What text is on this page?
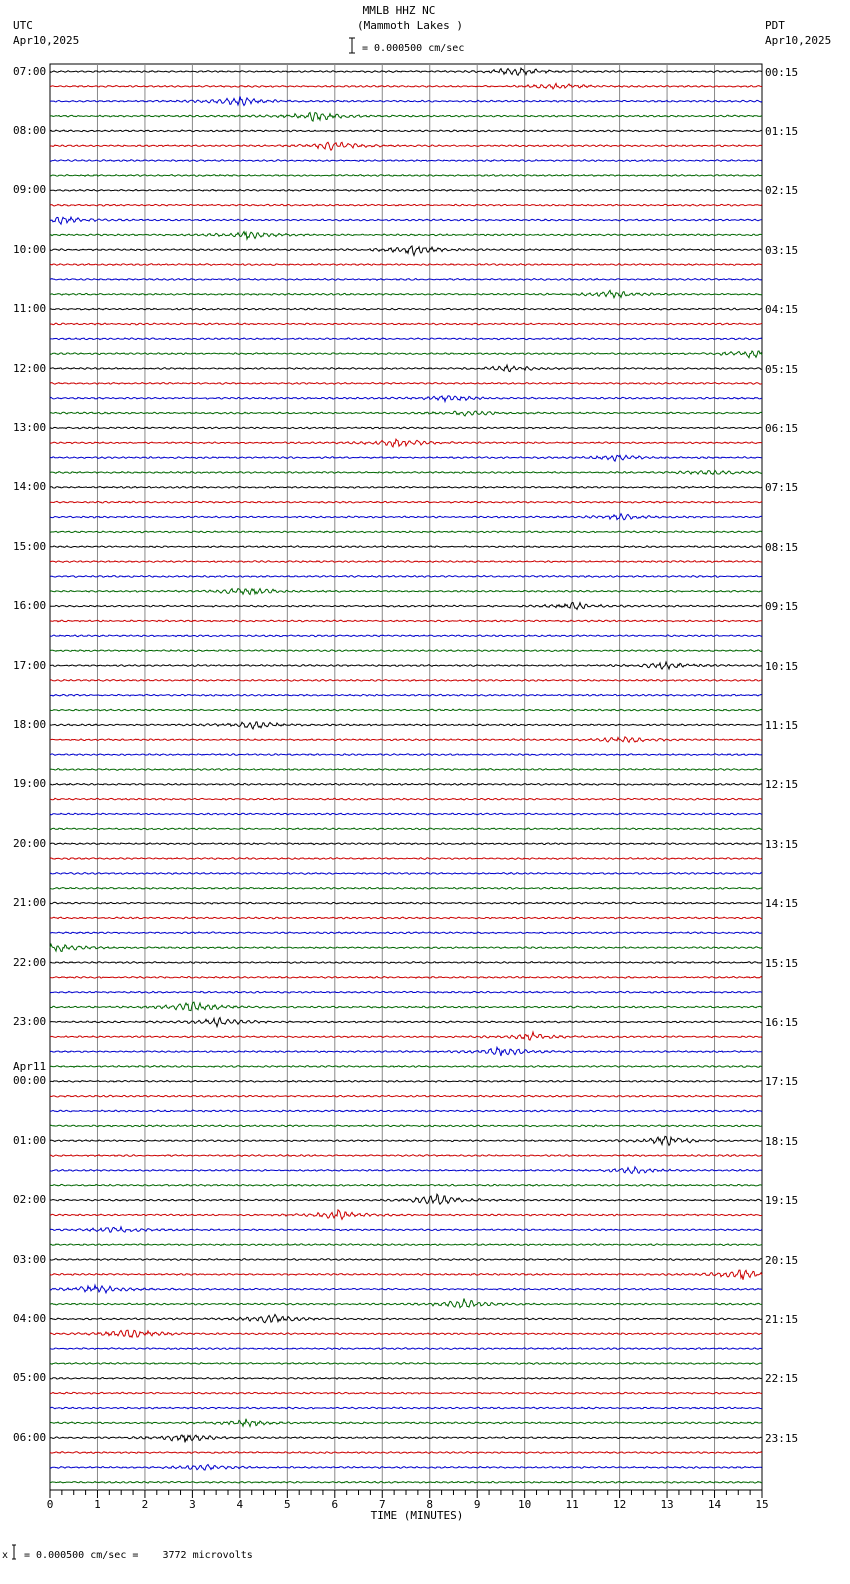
MMLB HHZ NC
(Mammoth Lakes )
= 0.000500 cm/sec
UTC
Apr10,2025
PDT
Apr10,2025
07:00
08:00
09:00
10:00
11:00
12:00
13:00
14:00
15:00
16:00
17:00
18:00
19:00
20:00
21:00
22:00
23:00
00:00
Apr11
01:00
02:00
03:00
04:00
05:00
06:00
00:15
01:15
02:15
03:15
04:15
05:15
06:15
07:15
08:15
09:15
10:15
11:15
12:15
13:15
14:15
15:15
16:15
17:15
18:15
19:15
20:15
21:15
22:15
23:15
0	1	2	3	4	5	6	7	8	9	10	11	12	13	14	15
TIME (MINUTES)
x = 0.000500 cm/sec =    3772 microvolts
